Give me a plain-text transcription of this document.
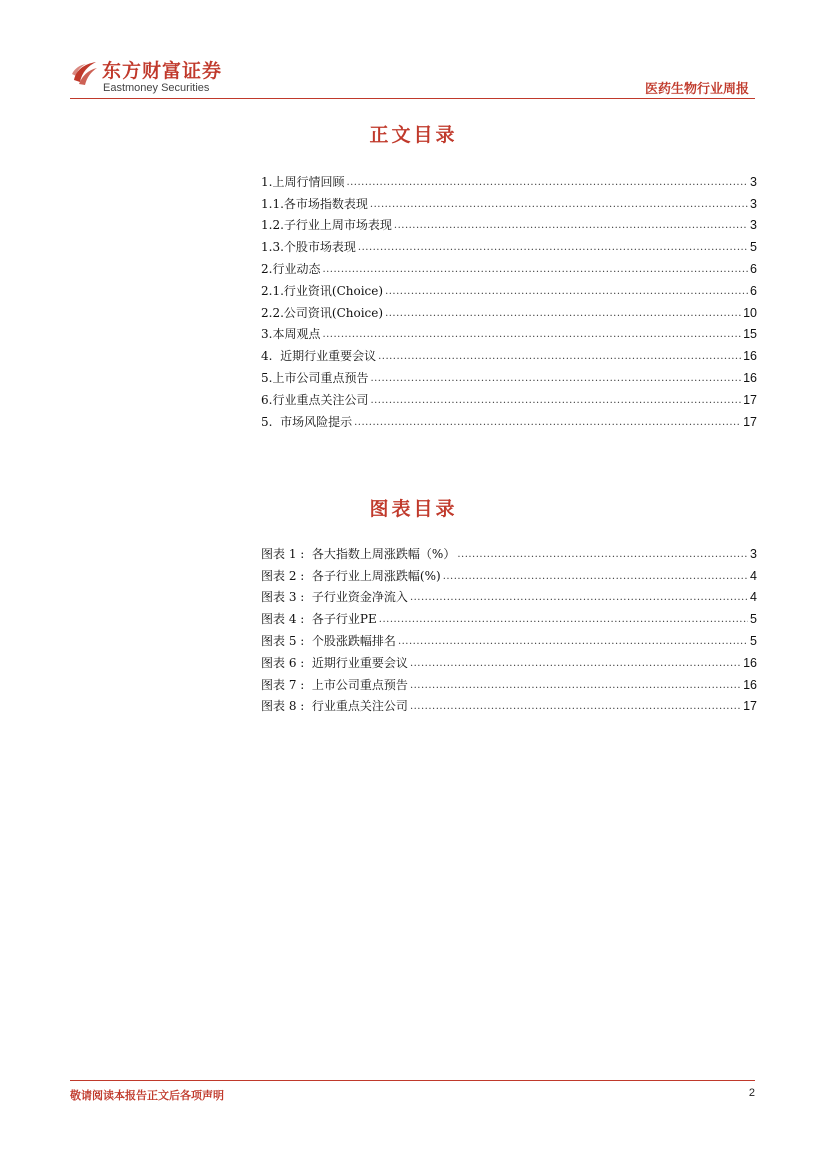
东方财富证券
Eastmoney Securities	医药生物行业周报
正文目录
1.上周行情回顾 .....	3
1.1.各市场指数表现 .....	3
1.2.子行业上周市场表现 .....	3
1.3.个股市场表现 .....	5
2.行业动态 .....	6
2.1.行业资讯(Choice) .....	6
2.2.公司资讯(Choice) .....	10
3.本周观点 .....	15
4.  近期行业重要会议 .....	16
5.上市公司重点预告 .....	16
6.行业重点关注公司 .....	17
5.  市场风险提示 .....	17
图表目录
图表 1 :  各大指数上周涨跌幅（%） .....	3
图表 2 :  各子行业上周涨跌幅(%) .....	4
图表 3 :  子行业资金净流入 .....	4
图表 4 :  各子行业PE .....	5
图表 5 :  个股涨跌幅排名 .....	5
图表 6 :  近期行业重要会议 .....	16
图表 7 :  上市公司重点预告 .....	16
图表 8 :  行业重点关注公司 .....	17
敬请阅读本报告正文后各项声明	2
